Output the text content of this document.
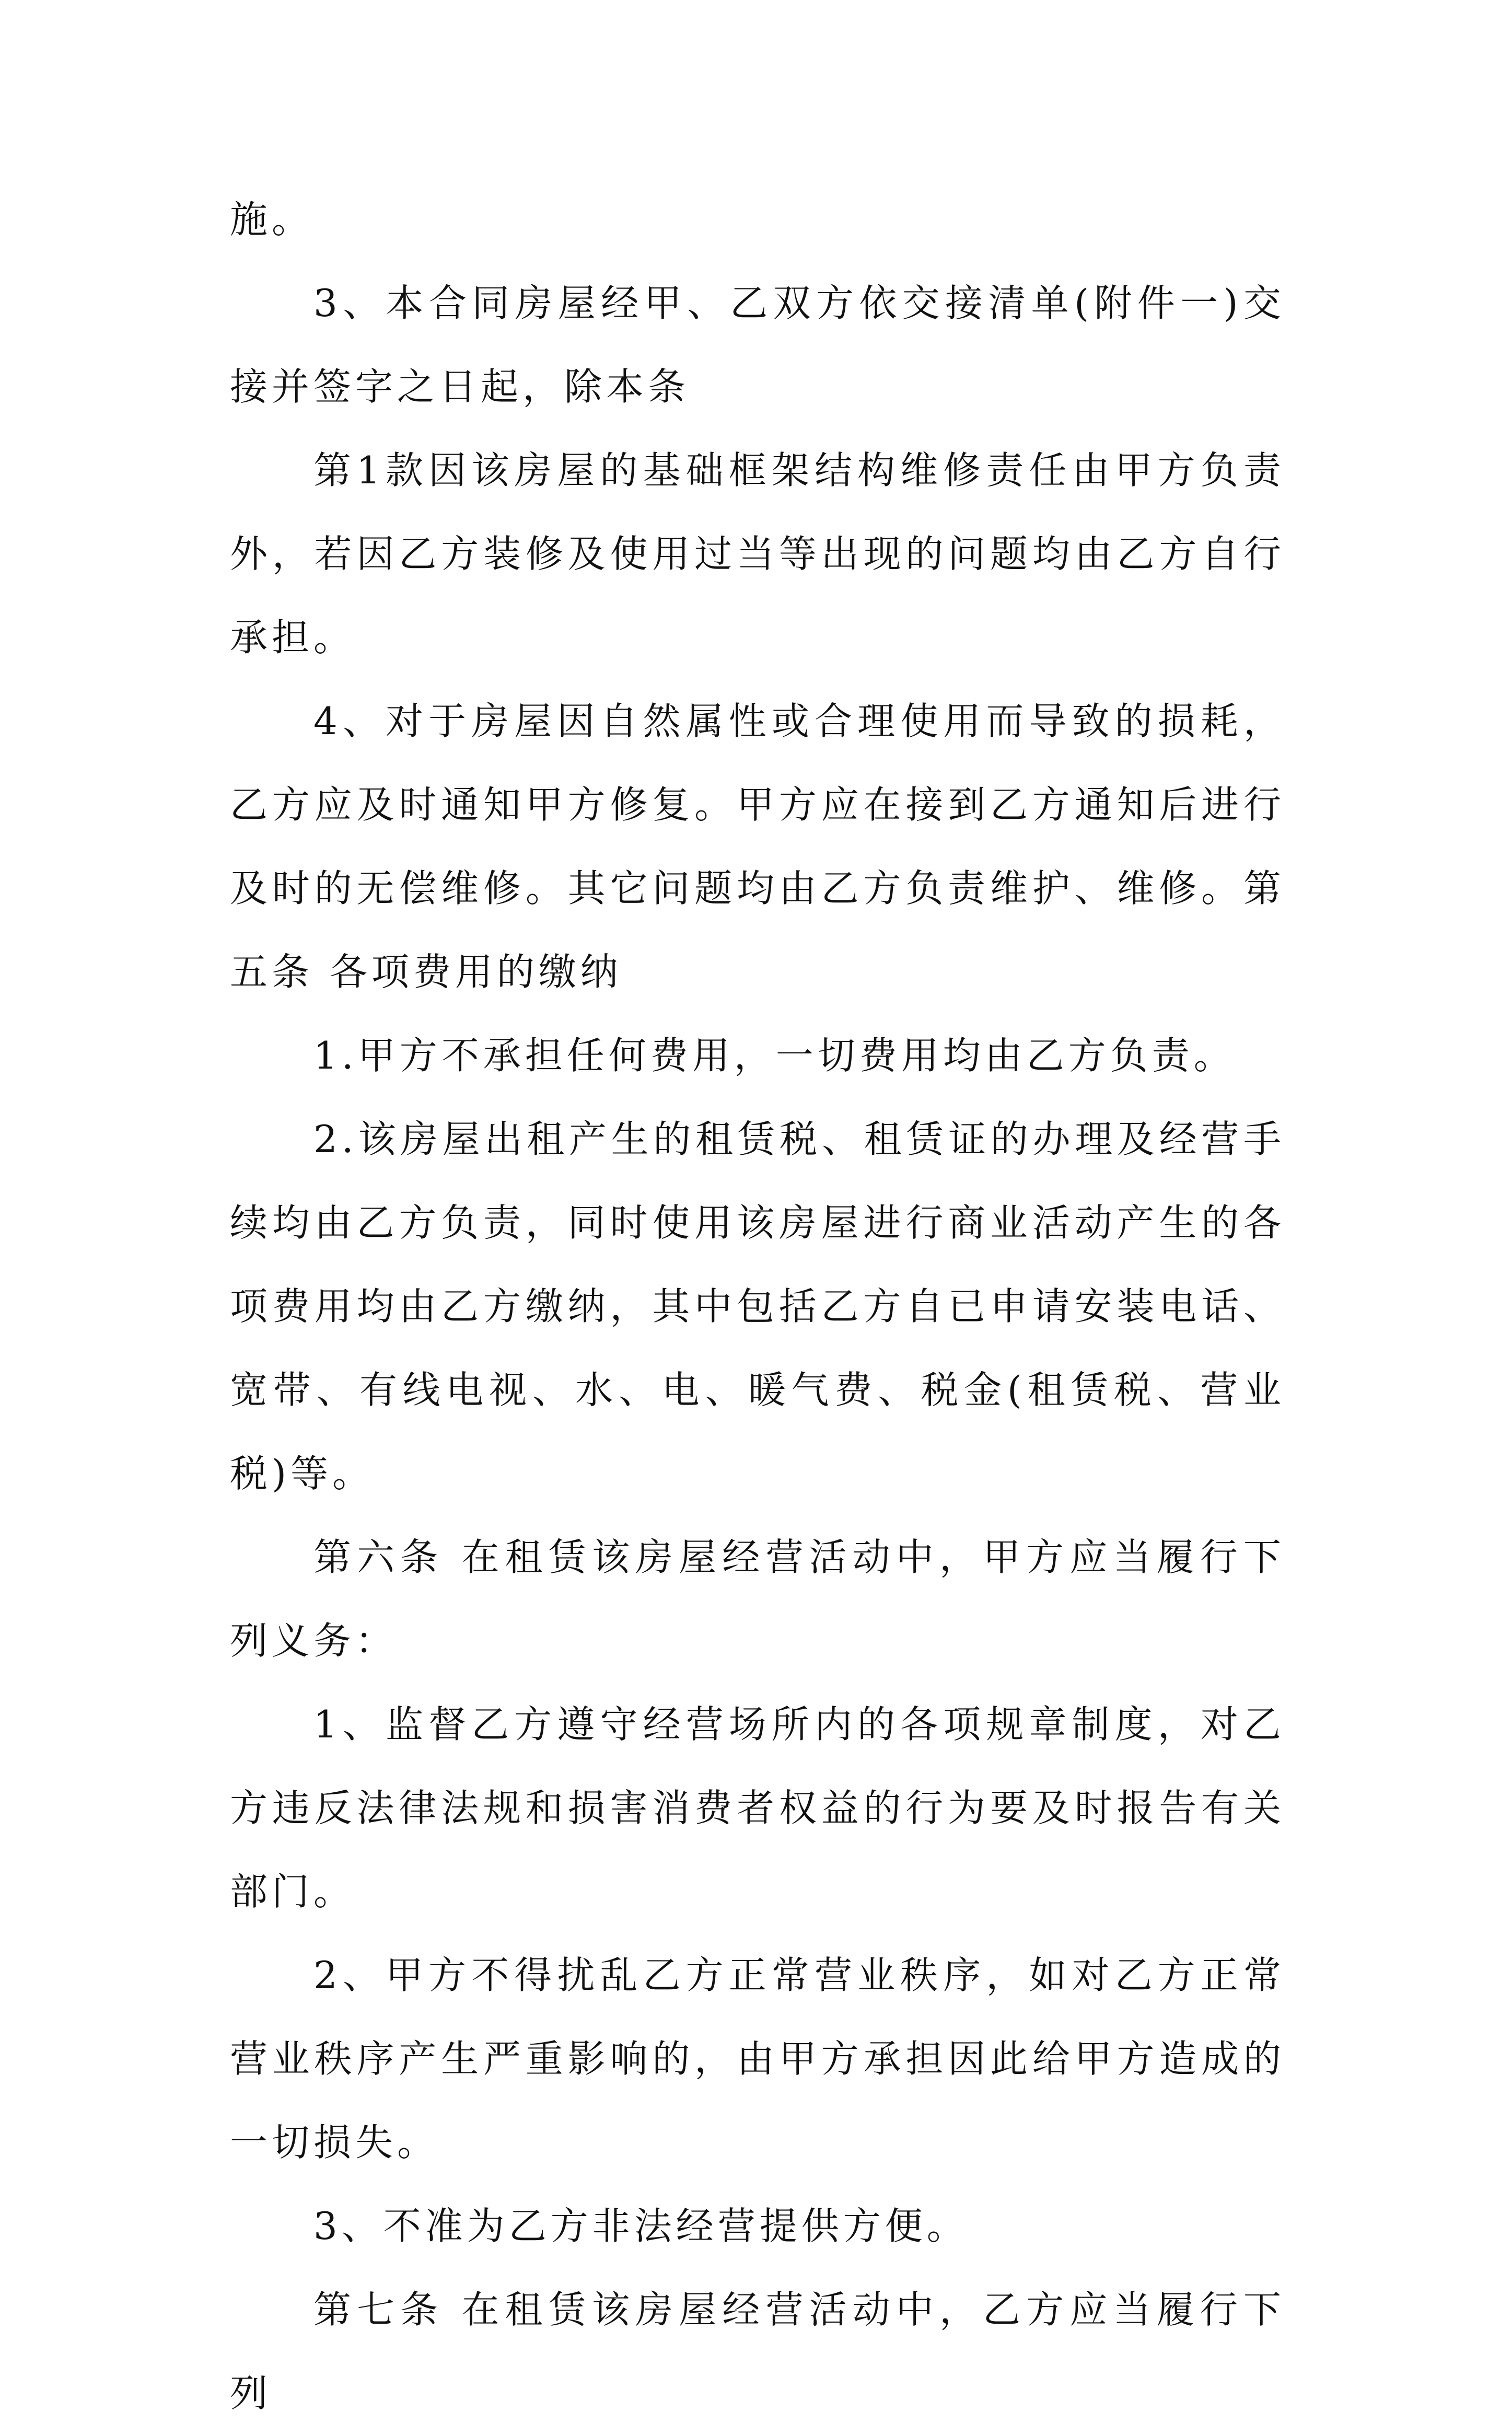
施。

3、本合同房屋经甲、乙双方依交接清单(附件一)交接并签字之日起，除本条

第1款因该房屋的基础框架结构维修责任由甲方负责外，若因乙方装修及使用过当等出现的问题均由乙方自行承担。

4、对于房屋因自然属性或合理使用而导致的损耗，乙方应及时通知甲方修复。甲方应在接到乙方通知后进行及时的无偿维修。其它问题均由乙方负责维护、维修。第五条 各项费用的缴纳

1.甲方不承担任何费用，一切费用均由乙方负责。

2.该房屋出租产生的租赁税、租赁证的办理及经营手续均由乙方负责，同时使用该房屋进行商业活动产生的各项费用均由乙方缴纳，其中包括乙方自已申请安装电话、宽带、有线电视、水、电、暖气费、税金(租赁税、营业税)等。

第六条 在租赁该房屋经营活动中，甲方应当履行下列义务：

1、监督乙方遵守经营场所内的各项规章制度，对乙方违反法律法规和损害消费者权益的行为要及时报告有关部门。

2、甲方不得扰乱乙方正常营业秩序，如对乙方正常营业秩序产生严重影响的，由甲方承担因此给甲方造成的一切损失。

3、不准为乙方非法经营提供方便。

第七条 在租赁该房屋经营活动中，乙方应当履行下列
